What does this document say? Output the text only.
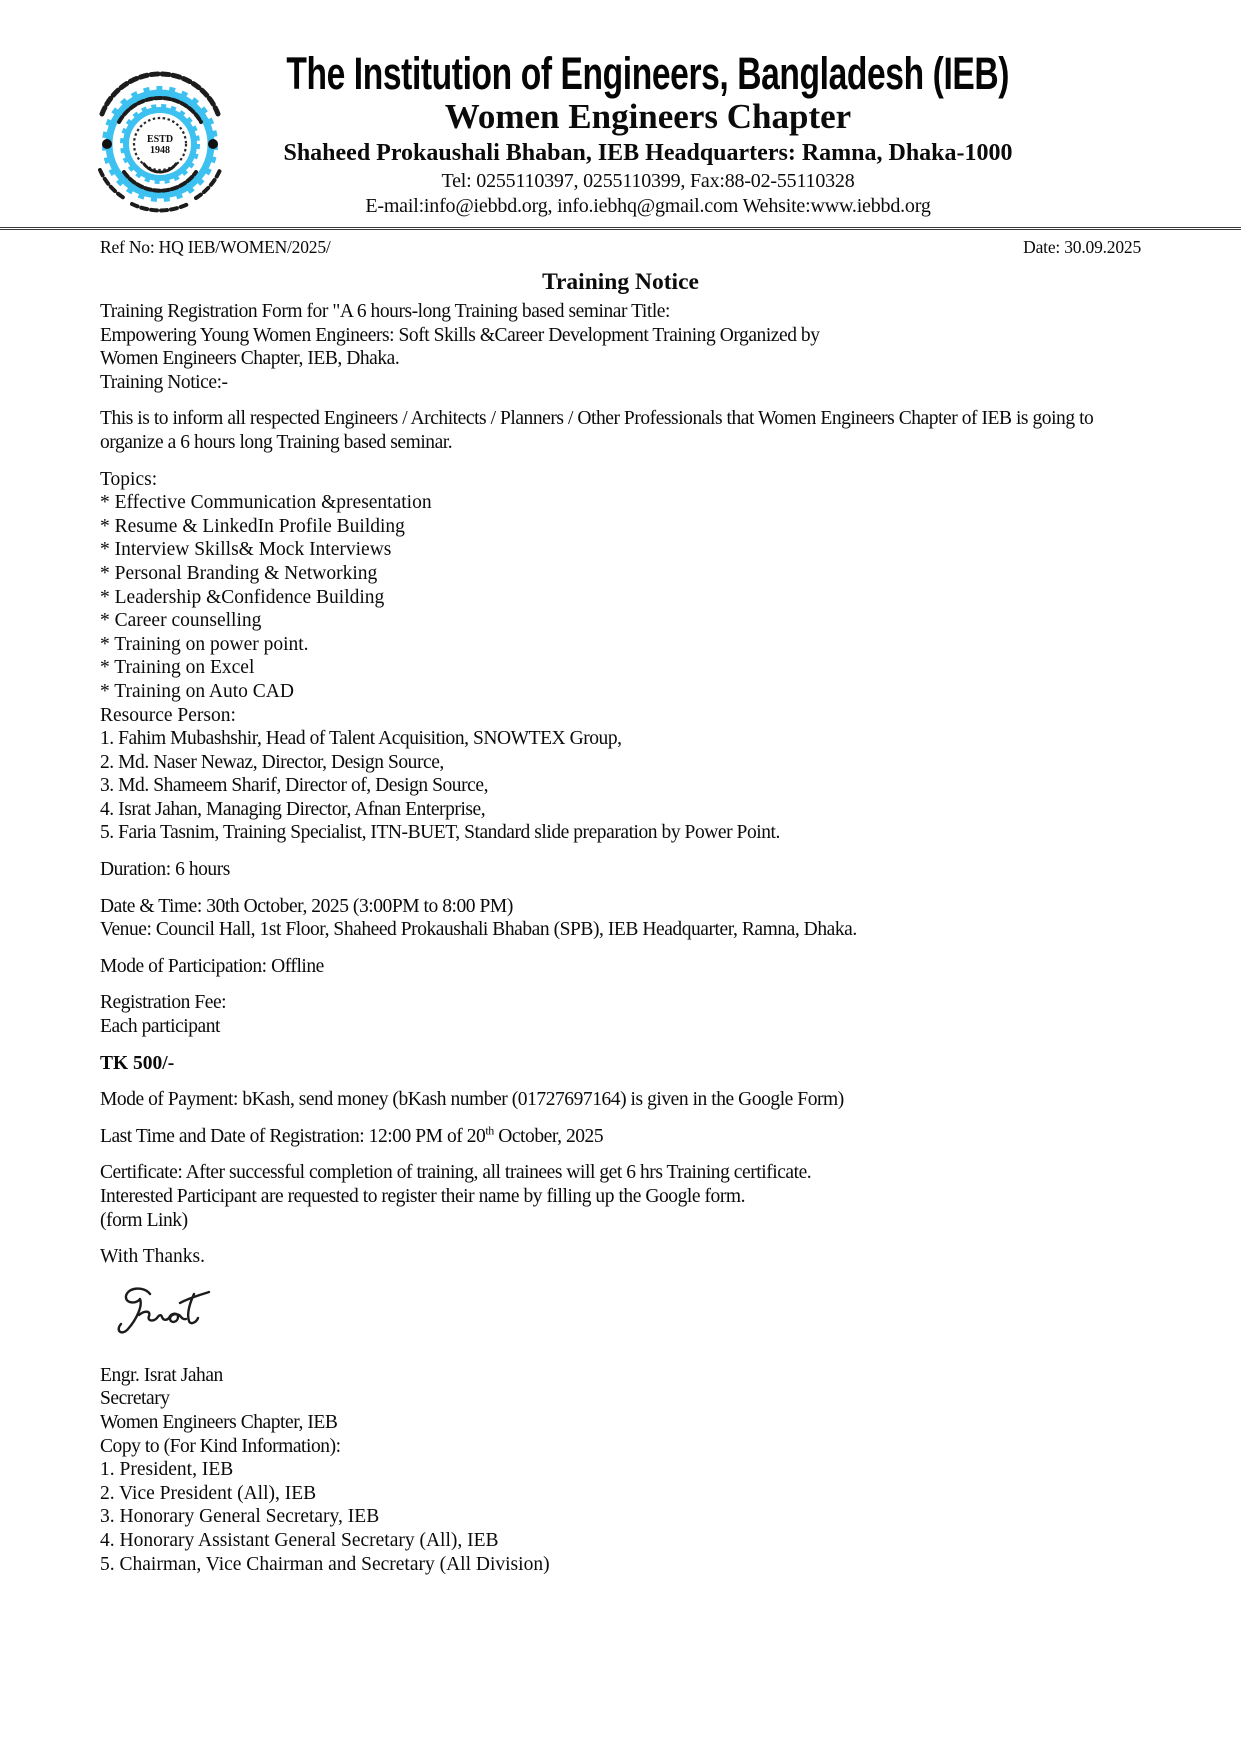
ESTD
1948
The Institution of Engineers, Bangladesh (IEB)
Women Engineers Chapter
Shaheed Prokaushali Bhaban, IEB Headquarters: Ramna, Dhaka-1000
Tel: 0255110397, 0255110399, Fax:88-02-55110328
E-mail:info@iebbd.org, info.iebhq@gmail.com Wehsite:www.iebbd.org
Ref No: HQ IEB/WOMEN/2025/	Date: 30.09.2025
Training Notice
Training Registration Form for "A 6 hours-long Training based seminar Title:
Empowering Young Women Engineers: Soft Skills &Career Development Training Organized by
Women Engineers Chapter, IEB, Dhaka.
Training Notice:-

This is to inform all respected Engineers / Architects / Planners / Other Professionals that Women Engineers Chapter of IEB is going to organize a 6 hours long Training based seminar.

Topics:
* Effective Communication &presentation
* Resume & LinkedIn Profile Building
* Interview Skills& Mock Interviews
* Personal Branding & Networking
* Leadership &Confidence Building
* Career counselling
* Training on power point.
* Training on Excel
* Training on Auto CAD
Resource Person:
1. Fahim Mubashshir, Head of Talent Acquisition, SNOWTEX Group,
2. Md. Naser Newaz, Director, Design Source,
3. Md. Shameem Sharif, Director of, Design Source,
4. Israt Jahan, Managing Director, Afnan Enterprise,
5. Faria Tasnim, Training Specialist, ITN-BUET, Standard slide preparation by Power Point.

Duration: 6 hours

Date & Time: 30th October, 2025 (3:00PM to 8:00 PM)
Venue: Council Hall, 1st Floor, Shaheed Prokaushali Bhaban (SPB), IEB Headquarter, Ramna, Dhaka.

Mode of Participation: Offline

Registration Fee:
Each participant

TK 500/-

Mode of Payment: bKash, send money (bKash number (01727697164) is given in the Google Form)

Last Time and Date of Registration: 12:00 PM of 20th October, 2025

Certificate: After successful completion of training, all trainees will get 6 hrs Training certificate.
Interested Participant are requested to register their name by filling up the Google form.
(form Link)

With Thanks.

Engr. Israt Jahan
Secretary
Women Engineers Chapter, IEB
Copy to (For Kind Information):
1. President, IEB
2. Vice President (All), IEB
3. Honorary General Secretary, IEB
4. Honorary Assistant General Secretary (All), IEB
5. Chairman, Vice Chairman and Secretary (All Division)
